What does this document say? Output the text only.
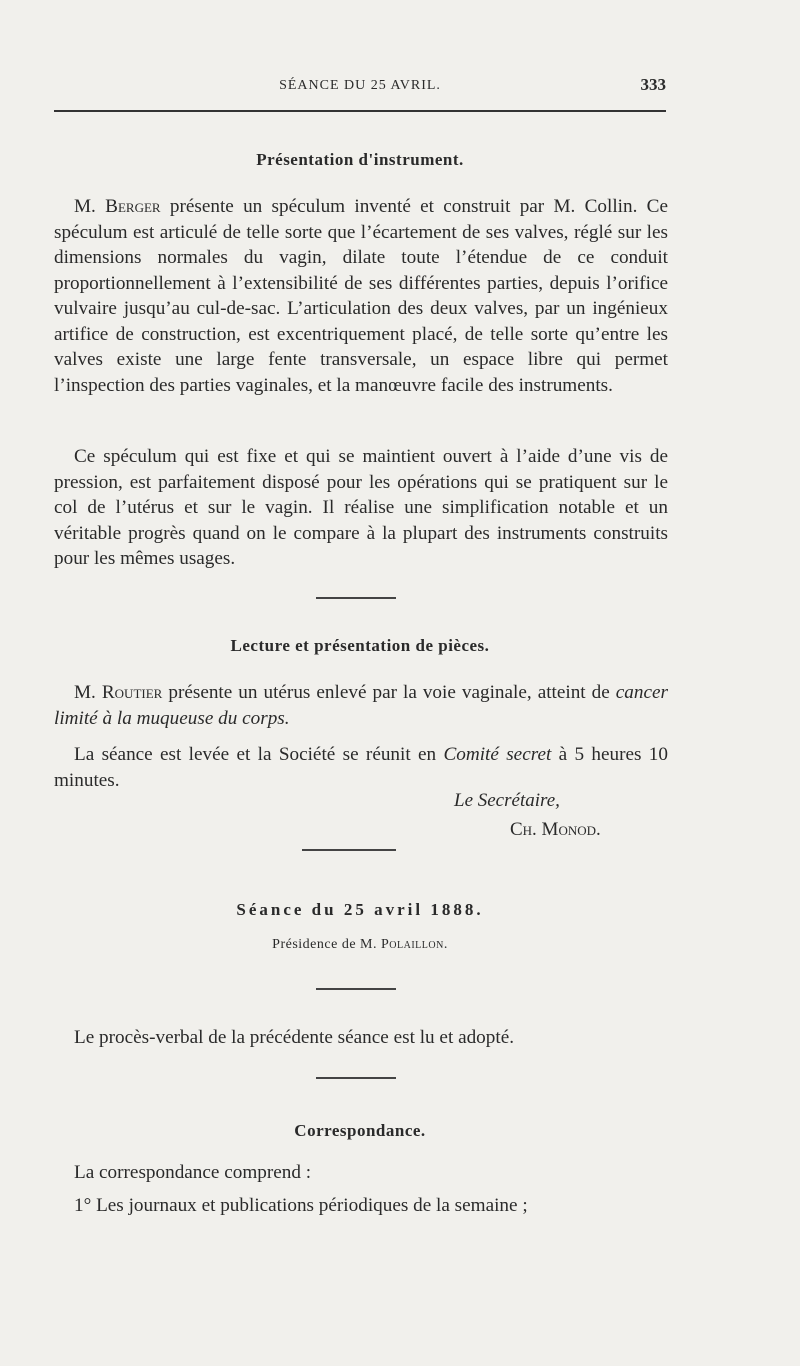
SÉANCE DU 25 AVRIL.	333
Présentation d'instrument.

M. Berger présente un spéculum inventé et construit par M. Collin. Ce spéculum est articulé de telle sorte que l’écartement de ses valves, réglé sur les dimensions normales du vagin, dilate toute l’étendue de ce conduit proportionnellement à l’extensibilité de ses différentes parties, depuis l’orifice vulvaire jusqu’au cul-de-sac. L’articulation des deux valves, par un ingénieux artifice de construction, est excentriquement placé, de telle sorte qu’entre les valves existe une large fente transversale, un espace libre qui permet l’inspection des parties vaginales, et la manœuvre facile des instruments.

Ce spéculum qui est fixe et qui se maintient ouvert à l’aide d’une vis de pression, est parfaitement disposé pour les opérations qui se pratiquent sur le col de l’utérus et sur le vagin. Il réalise une simplification notable et un véritable progrès quand on le compare à la plupart des instruments construits pour les mêmes usages.

Lecture et présentation de pièces.

M. Routier présente un utérus enlevé par la voie vaginale, atteint de cancer limité à la muqueuse du corps.

La séance est levée et la Société se réunit en Comité secret à 5 heures 10 minutes.

Le Secrétaire,
Ch. Monod.
Séance du 25 avril 1888.
Présidence de M. Polaillon.

Le procès-verbal de la précédente séance est lu et adopté.

Correspondance.

La correspondance comprend :

1° Les journaux et publications périodiques de la semaine ;
